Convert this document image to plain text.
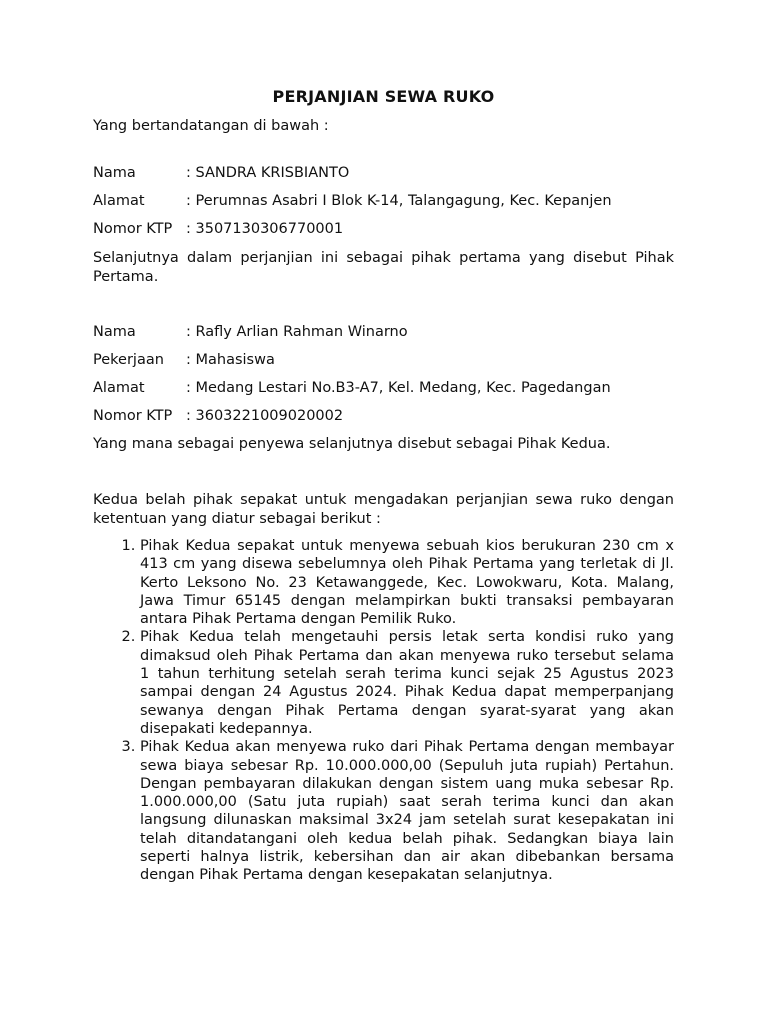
PERJANJIAN SEWA RUKO
Yang bertandatangan di bawah :
Nama	: SANDRA KRISBIANTO
Alamat	: Perumnas Asabri I Blok K-14, Talangagung, Kec. Kepanjen
Nomor KTP : 3507130306770001
Selanjutnya dalam perjanjian ini sebagai pihak pertama yang disebut Pihak Pertama.
Nama	: Rafly Arlian Rahman Winarno
Pekerjaan : Mahasiswa
Alamat	: Medang Lestari No.B3-A7, Kel. Medang, Kec. Pagedangan
Nomor KTP : 3603221009020002
Yang mana sebagai penyewa selanjutnya disebut sebagai Pihak Kedua.
Kedua belah pihak sepakat untuk mengadakan perjanjian sewa ruko dengan ketentuan yang diatur sebagai berikut :
1. Pihak Kedua sepakat untuk menyewa sebuah kios berukuran 230 cm x 413 cm yang disewa sebelumnya oleh Pihak Pertama yang terletak di Jl. Kerto Leksono No. 23 Ketawanggede, Kec. Lowokwaru, Kota. Malang, Jawa Timur 65145 dengan melampirkan bukti transaksi pembayaran antara Pihak Pertama dengan Pemilik Ruko.
2. Pihak Kedua telah mengetauhi persis letak serta kondisi ruko yang dimaksud oleh Pihak Pertama dan akan menyewa ruko tersebut selama 1 tahun terhitung setelah serah terima kunci sejak 25 Agustus 2023 sampai dengan 24 Agustus 2024. Pihak Kedua dapat memperpanjang sewanya dengan Pihak Pertama dengan syarat-syarat yang akan disepakati kedepannya.
3. Pihak Kedua akan menyewa ruko dari Pihak Pertama dengan membayar sewa biaya sebesar Rp. 10.000.000,00 (Sepuluh juta rupiah) Pertahun. Dengan pembayaran dilakukan dengan sistem uang muka sebesar Rp. 1.000.000,00 (Satu juta rupiah) saat serah terima kunci dan akan langsung dilunaskan maksimal 3x24 jam setelah surat kesepakatan ini telah ditandatangani oleh kedua belah pihak. Sedangkan biaya lain seperti halnya listrik, kebersihan dan air akan dibebankan bersama dengan Pihak Pertama dengan kesepakatan selanjutnya.
